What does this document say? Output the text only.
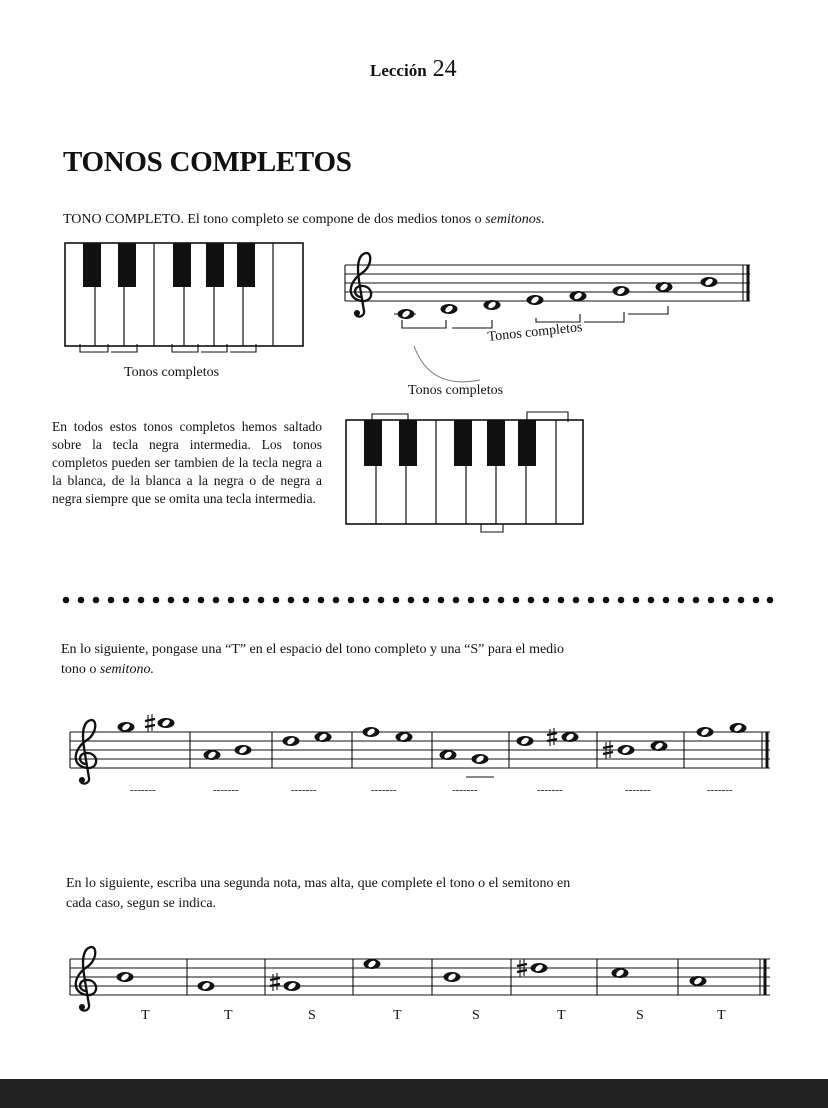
Lección 24
TONOS COMPLETOS
TONO COMPLETO. El tono completo se compone de dos medios tonos o semitonos.
Tonos completos
Tonos completos
Tonos completos
En todos estos tonos completos hemos saltado sobre la tecla negra intermedia. Los tonos completos pueden ser tambien de la tecla negra a la blanca, de la blanca a la negra o de negra a negra siempre que se omita una tecla intermedia.
En lo siguiente, pongase una “T” en el espacio del tono completo y una “S” para el medio tono o semitono.
-------	-------	-------	-------	-------	-------	-------	-------
En lo siguiente, escriba una segunda nota, mas alta, que complete el tono o el semitono en cada caso, segun se indica.
T	T	S	T	S	T	S	T
